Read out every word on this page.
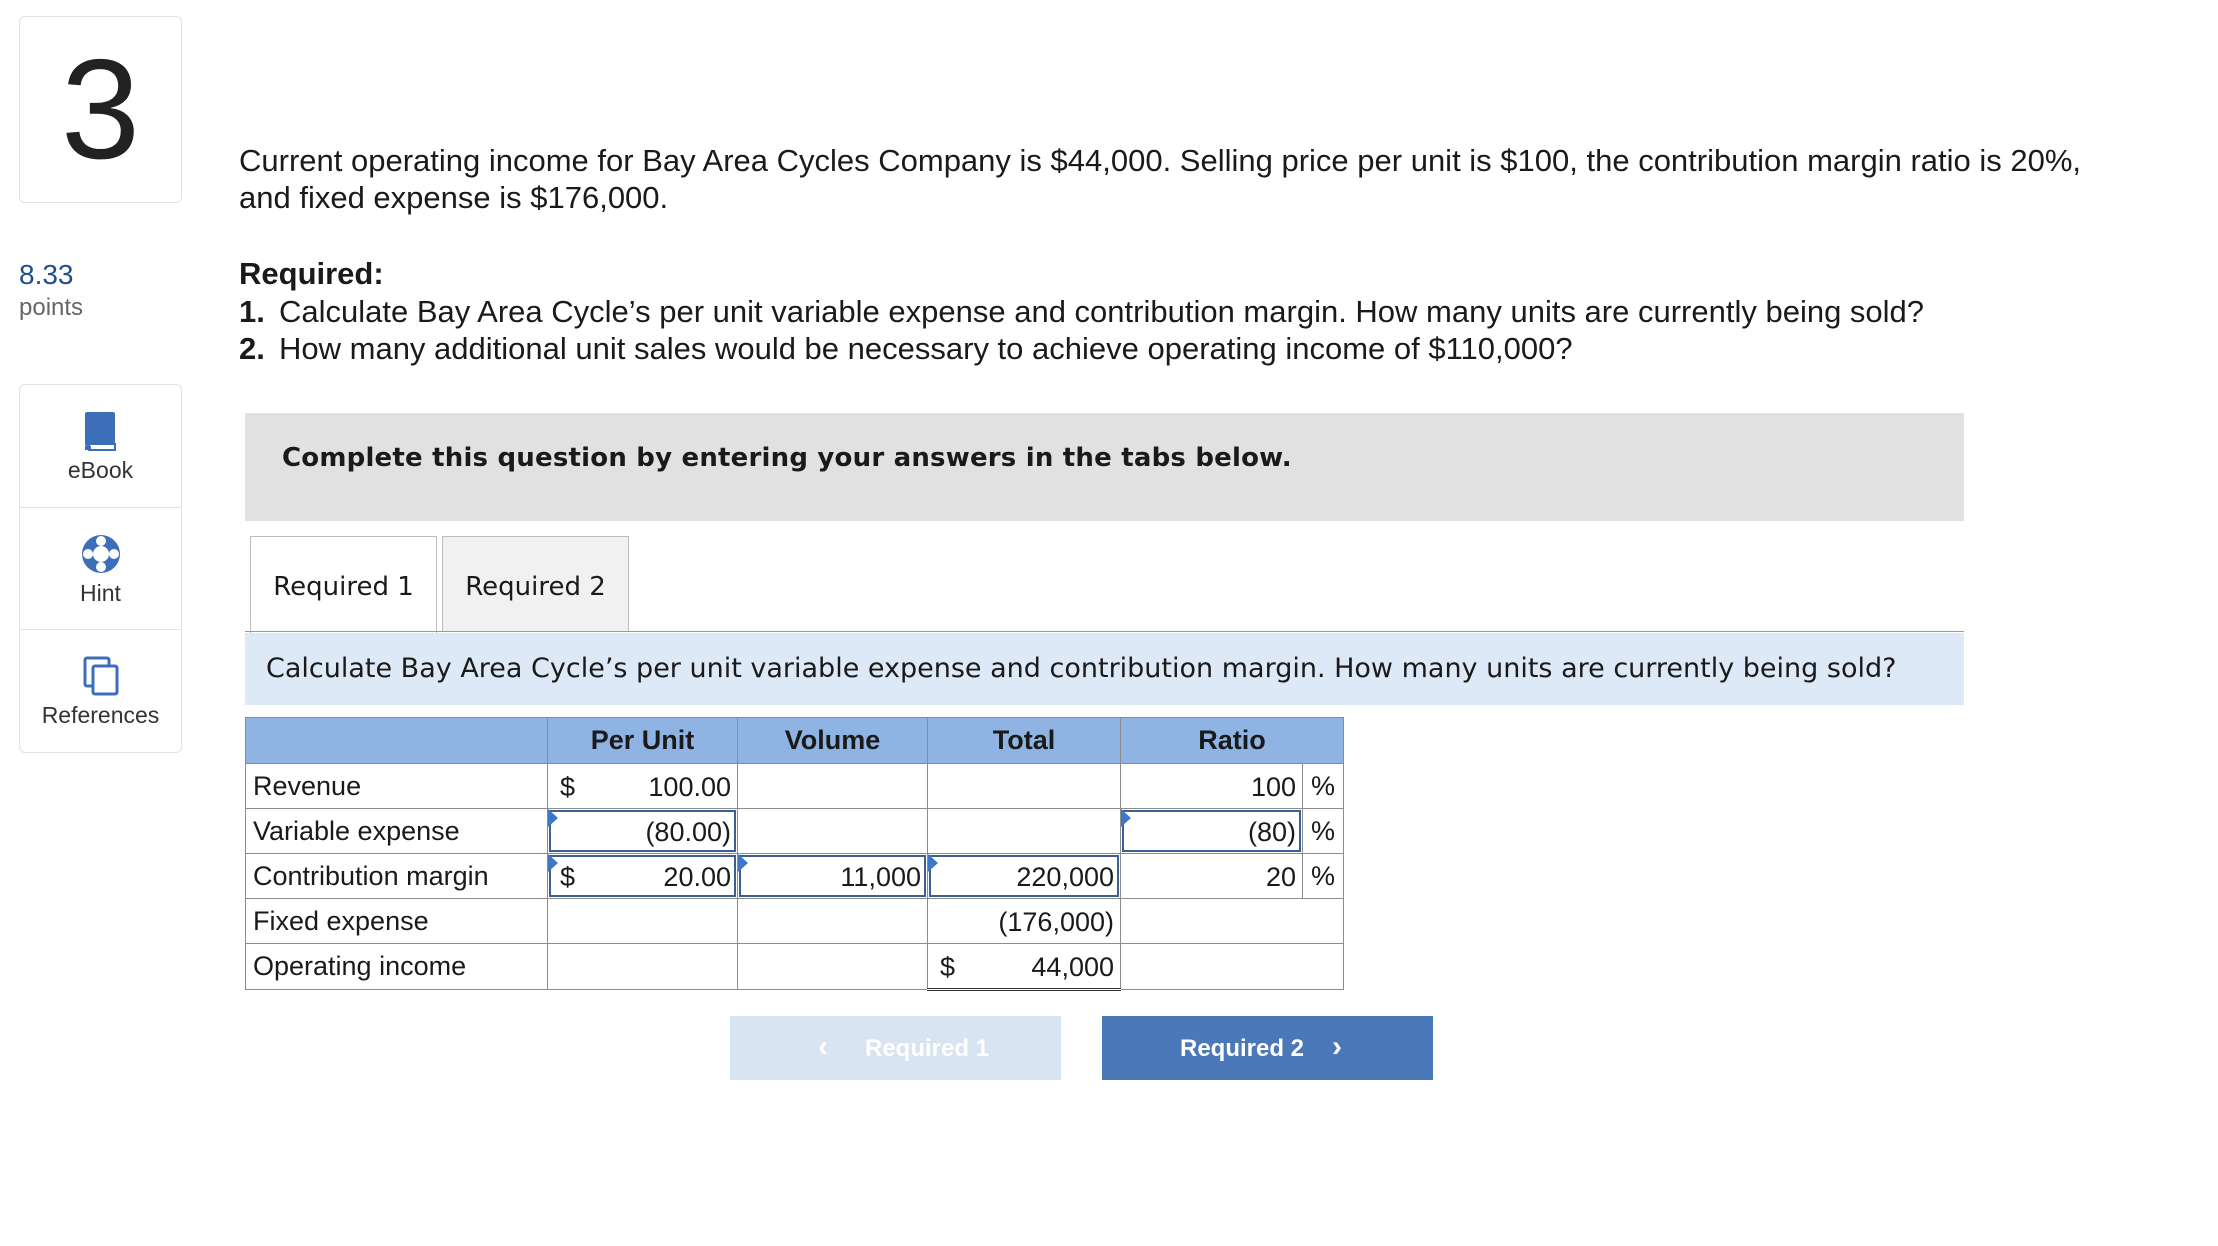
3
8.33
points
eBook
Hint
References
Current operating income for Bay Area Cycles Company is $44,000. Selling price per unit is $100, the contribution margin ratio is 20%, and fixed expense is $176,000.
Required:
1. Calculate Bay Area Cycle’s per unit variable expense and contribution margin. How many units are currently being sold?
2. How many additional unit sales would be necessary to achieve operating income of $110,000?
Complete this question by entering your answers in the tabs below.
Required 1	Required 2
Calculate Bay Area Cycle’s per unit variable expense and contribution margin. How many units are currently being sold?
	Per Unit	Volume	Total	Ratio	
Revenue	$ 100.00			100	%
Variable expense	(80.00)			(80)	%
Contribution margin	$ 20.00	11,000	220,000	20	%
Fixed expense			(176,000)		

Operating income			$ 44,000		

‹ Required 1	Required 2 ›
